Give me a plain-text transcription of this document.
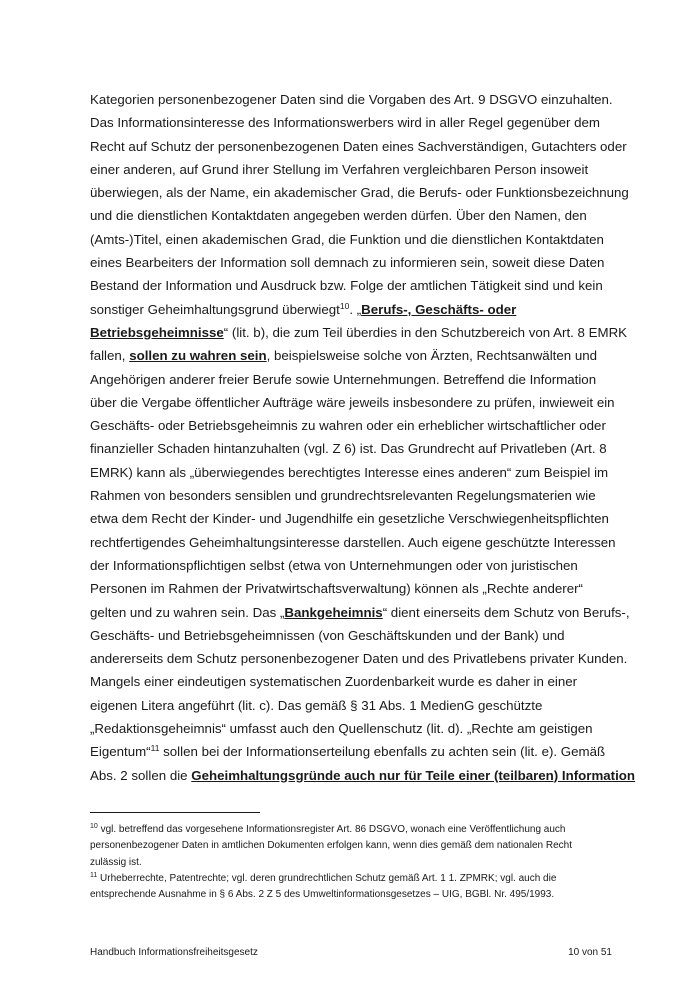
Kategorien personenbezogener Daten sind die Vorgaben des Art. 9 DSGVO einzuhalten.
Das Informationsinteresse des Informationswerbers wird in aller Regel gegenüber dem
Recht auf Schutz der personenbezogenen Daten eines Sachverständigen, Gutachters oder
einer anderen, auf Grund ihrer Stellung im Verfahren vergleichbaren Person insoweit
überwiegen, als der Name, ein akademischer Grad, die Berufs- oder Funktionsbezeichnung
und die dienstlichen Kontaktdaten angegeben werden dürfen. Über den Namen, den
(Amts-)Titel, einen akademischen Grad, die Funktion und die dienstlichen Kontaktdaten
eines Bearbeiters der Information soll demnach zu informieren sein, soweit diese Daten
Bestand der Information und Ausdruck bzw. Folge der amtlichen Tätigkeit sind und kein
sonstiger Geheimhaltungsgrund überwiegt$^{10}$. „Berufs-, Geschäfts- oder
Betriebsgeheimnisse“ (lit. b), die zum Teil überdies in den Schutzbereich von Art. 8 EMRK
fallen, sollen zu wahren sein, beispielsweise solche von Ärzten, Rechtsanwälten und
Angehörigen anderer freier Berufe sowie Unternehmungen. Betreffend die Information
über die Vergabe öffentlicher Aufträge wäre jeweils insbesondere zu prüfen, inwieweit ein
Geschäfts- oder Betriebsgeheimnis zu wahren oder ein erheblicher wirtschaftlicher oder
finanzieller Schaden hintanzuhalten (vgl. Z 6) ist. Das Grundrecht auf Privatleben (Art. 8
EMRK) kann als „überwiegendes berechtigtes Interesse eines anderen“ zum Beispiel im
Rahmen von besonders sensiblen und grundrechtsrelevanten Regelungsmaterien wie
etwa dem Recht der Kinder- und Jugendhilfe ein gesetzliche Verschwiegenheitspflichten
rechtfertigendes Geheimhaltungsinteresse darstellen. Auch eigene geschützte Interessen
der Informationspflichtigen selbst (etwa von Unternehmungen oder von juristischen
Personen im Rahmen der Privatwirtschaftsverwaltung) können als „Rechte anderer“
gelten und zu wahren sein. Das „Bankgeheimnis“ dient einerseits dem Schutz von Berufs-,
Geschäfts- und Betriebsgeheimnissen (von Geschäftskunden und der Bank) und
andererseits dem Schutz personenbezogener Daten und des Privatlebens privater Kunden.
Mangels einer eindeutigen systematischen Zuordenbarkeit wurde es daher in einer
eigenen Litera angeführt (lit. c). Das gemäß § 31 Abs. 1 MedienG geschützte
„Redaktionsgeheimnis“ umfasst auch den Quellenschutz (lit. d). „Rechte am geistigen
Eigentum“$^{11}$ sollen bei der Informationserteilung ebenfalls zu achten sein (lit. e). Gemäß
Abs. 2 sollen die Geheimhaltungsgründe auch nur für Teile einer (teilbaren) Information
$^{10}$ vgl. betreffend das vorgesehene Informationsregister Art. 86 DSGVO, wonach eine Veröffentlichung auch
personenbezogener Daten in amtlichen Dokumenten erfolgen kann, wenn dies gemäß dem nationalen Recht
zulässig ist.
$^{11}$ Urheberrechte, Patentrechte; vgl. deren grundrechtlichen Schutz gemäß Art. 1 1. ZPMRK; vgl. auch die
entsprechende Ausnahme in § 6 Abs. 2 Z 5 des Umweltinformationsgesetzes – UIG, BGBl. Nr. 495/1993.
Handbuch Informationsfreiheitsgesetz	10 von 51
